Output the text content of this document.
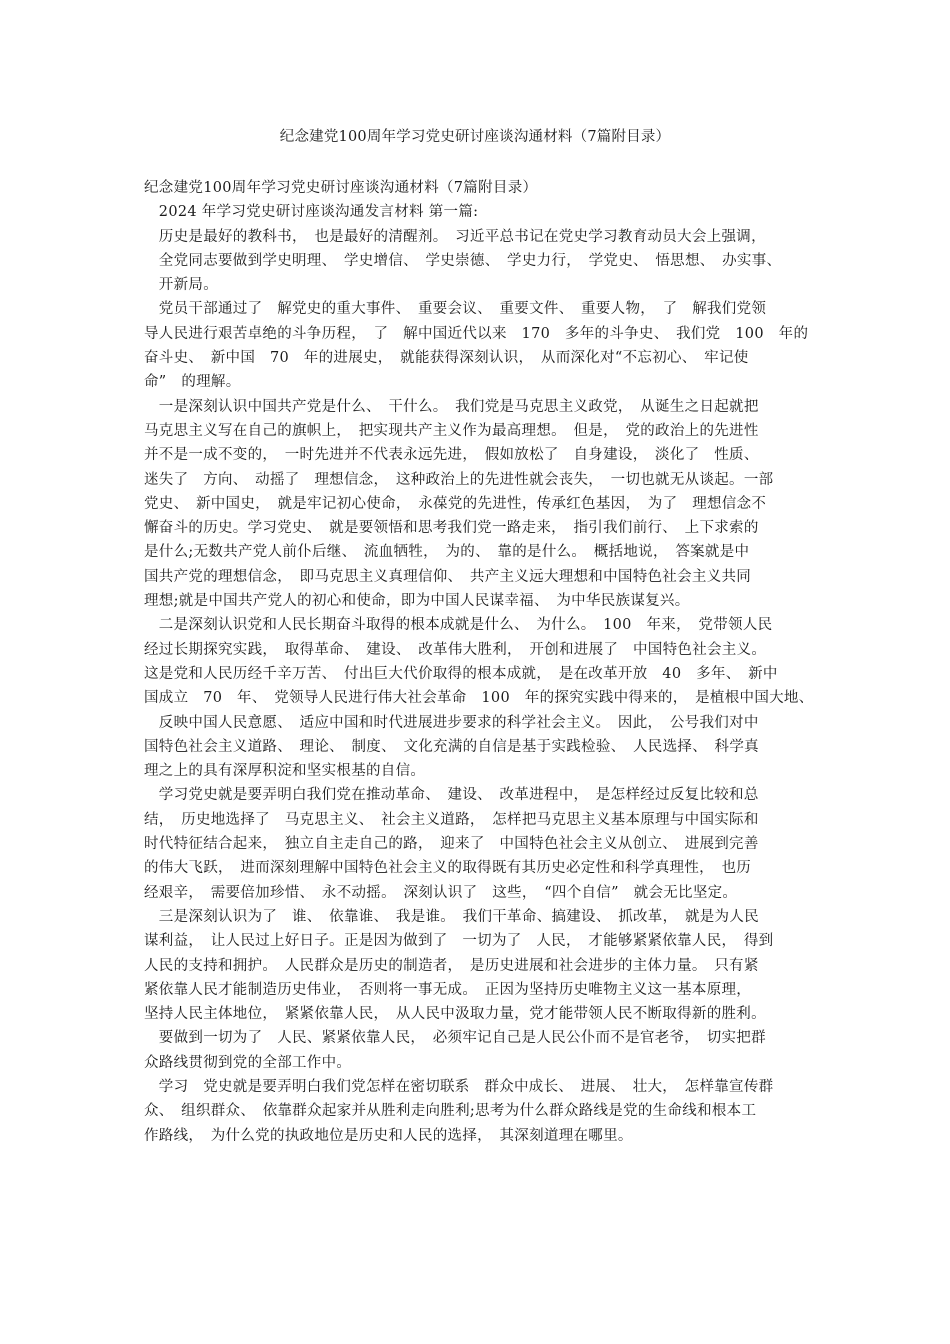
纪念建党100周年学习党史研讨座谈沟通材料（7篇附目录）
纪念建党100周年学习党史研讨座谈沟通材料（7篇附目录）
　2024 年学习党史研讨座谈沟通发言材料 第一篇:
　历史是最好的教科书，　也是最好的清醒剂。　习近平总书记在党史学习教育动员大会上强调，
　全党同志要做到学史明理、　学史增信、　学史崇德、　学史力行，　学党史、　悟思想、　办实事、
　开新局。
　党员干部通过了　解党史的重大事件、　重要会议、　重要文件、　重要人物，　了　解我们党领
导人民进行艰苦卓绝的斗争历程，　了　解中国近代以来　170　多年的斗争史、　我们党　100　年的
奋斗史、　新中国　70　年的进展史，　就能获得深刻认识，　从而深化对“不忘初心、　牢记使
命”　的理解。
　一是深刻认识中国共产党是什么、　干什么。　我们党是马克思主义政党，　从诞生之日起就把
马克思主义写在自己的旗帜上，　把实现共产主义作为最高理想。　但是，　党的政治上的先进性
并不是一成不变的，　一时先进并不代表永远先进，　假如放松了　自身建设，　淡化了　性质、
迷失了　方向、　动摇了　理想信念，　这种政治上的先进性就会丧失，　一切也就无从谈起。一部
党史、　新中国史，　就是牢记初心使命，　永葆党的先进性，传承红色基因，　为了　理想信念不
懈奋斗的历史。学习党史、　就是要领悟和思考我们党一路走来，　指引我们前行、　上下求索的
是什么;无数共产党人前仆后继、　流血牺牲，　为的、　靠的是什么。　概括地说，　答案就是中
国共产党的理想信念，　即马克思主义真理信仰、　共产主义远大理想和中国特色社会主义共同
理想;就是中国共产党人的初心和使命，即为中国人民谋幸福、　为中华民族谋复兴。
　二是深刻认识党和人民长期奋斗取得的根本成就是什么、　为什么。　100　年来，　党带领人民
经过长期探究实践，　取得革命、　建设、　改革伟大胜利，　开创和进展了　中国特色社会主义。
这是党和人民历经千辛万苦、　付出巨大代价取得的根本成就，　是在改革开放　40　多年、　新中
国成立　70　年、　党领导人民进行伟大社会革命　100　年的探究实践中得来的，　是植根中国大地、
　反映中国人民意愿、　适应中国和时代进展进步要求的科学社会主义。　因此，　公号我们对中
国特色社会主义道路、　理论、　制度、　文化充满的自信是基于实践检验、　人民选择、　科学真
理之上的具有深厚积淀和坚实根基的自信。
　学习党史就是要弄明白我们党在推动革命、　建设、　改革进程中，　是怎样经过反复比较和总
结，　历史地选择了　马克思主义、　社会主义道路，　怎样把马克思主义基本原理与中国实际和
时代特征结合起来，　独立自主走自己的路，　迎来了　中国特色社会主义从创立、　进展到完善
的伟大飞跃，　进而深刻理解中国特色社会主义的取得既有其历史必定性和科学真理性，　也历
经艰辛，　需要倍加珍惜、　永不动摇。　深刻认识了　这些，　“四个自信”　就会无比坚定。
　三是深刻认识为了　谁、　依靠谁、　我是谁。　我们干革命、搞建设、　抓改革，　就是为人民
谋利益，　让人民过上好日子。正是因为做到了　一切为了　人民，　才能够紧紧依靠人民，　得到
人民的支持和拥护。　人民群众是历史的制造者，　是历史进展和社会进步的主体力量。　只有紧
紧依靠人民才能制造历史伟业，　否则将一事无成。　正因为坚持历史唯物主义这一基本原理，
坚持人民主体地位，　紧紧依靠人民，　从人民中汲取力量，党才能带领人民不断取得新的胜利。
　要做到一切为了　人民、紧紧依靠人民，　必须牢记自己是人民公仆而不是官老爷，　切实把群
众路线贯彻到党的全部工作中。
　学习　党史就是要弄明白我们党怎样在密切联系　群众中成长、　进展、　壮大，　怎样靠宣传群
众、　组织群众、　依靠群众起家并从胜利走向胜利;思考为什么群众路线是党的生命线和根本工
作路线，　为什么党的执政地位是历史和人民的选择，　其深刻道理在哪里。
